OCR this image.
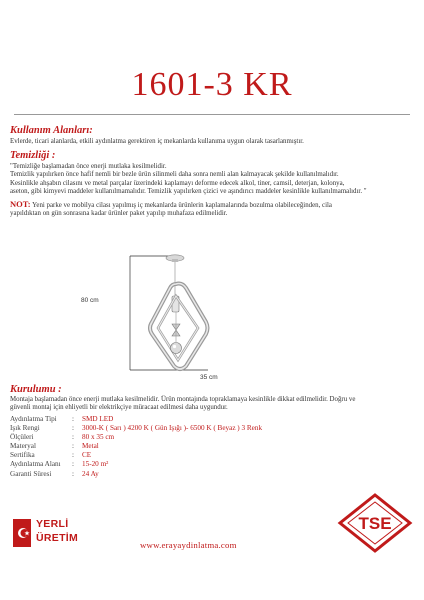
1601-3 KR
Kullanım Alanları:
Evlerde, ticari alanlarda, etkili aydınlatma gerektiren iç mekanlarda kullanıma uygun olarak tasarlanmıştır.
Temizliği :
"Temizliğe başlamadan önce enerji mutlaka kesilmelidir.
Temizlik yapılırken önce hafif nemli bir bezle ürün silinmeli daha sonra nemli alan kalmayacak şekilde kullanılmalıdır.
Kesinlikle ahşabın cilasını ve metal parçalar üzerindeki kaplamayı deforme edecek alkol, tiner, camsil, deterjan, kolonya,
aseton, gibi kimyevi maddeler kullanılmamalıdır. Temizlik yapılırken çizici ve aşındırıcı maddeler kesinlikle kullanılmamalıdır. "
NOT: Yeni parke ve mobilya cilası yapılmış iç mekanlarda ürünlerin kaplamalarında bozulma olabileceğinden, cila
yapıldıktan on gün sonrasına kadar ürünler paket yapılıp muhafaza edilmelidir.
80 cm
35 cm
Kurulumu :
Montaja başlamadan önce enerji mutlaka kesilmelidir. Ürün montajında topraklamaya kesinlikle dikkat edilmelidir. Doğru ve
güvenli montaj için ehliyetli bir elektrikçiye müracaat edilmesi daha uygundur.
Aydınlatma Tipi	:	SMD LED
Işık Rengi	:	3000-K ( Sarı ) 4200 K ( Gün Işığı )- 6500 K ( Beyaz ) 3 Renk
Ölçüleri	:	80 x 35 cm
Materyal	:	Metal
Sertifika	:	CE
Aydınlatma Alanı	:	15-20 m²
Garanti Süresi	:	24 Ay
YERLİ
ÜRETİM
TSE
www.erayaydinlatma.com
